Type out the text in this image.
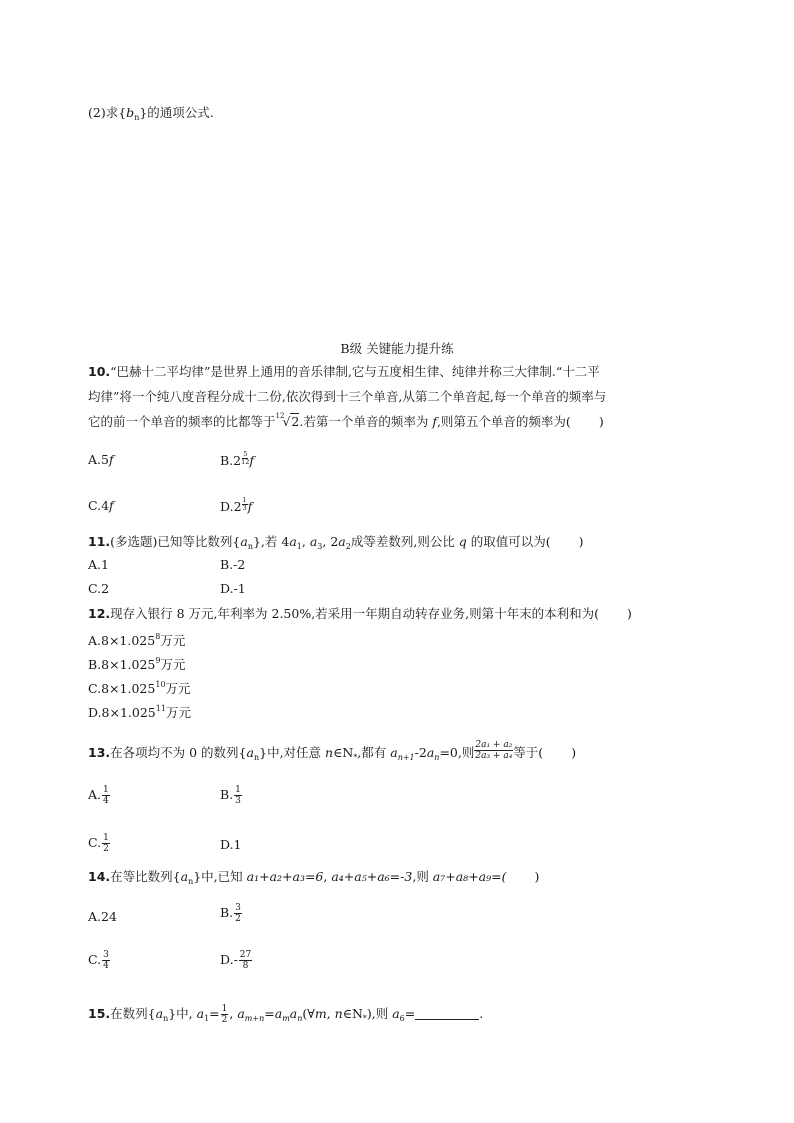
(2)求$\{b_n\}$的通项公式.
B级 关键能力提升练
10.“巴赫十二平均律”是世界上通用的音乐律制,它与五度相生律、纯律并称三大律制.“十二平
均律”将一个纯八度音程分成十二份,依次得到十三个单音,从第二个单音起,每一个单音的频率与
它的前一个单音的频率的比都等于$^{12}$√2.若第一个单音的频率为 f,则第五个单音的频率为( )
A.5f	$B.2 \frac{5}{12}$ f
C.4f	$D.2 \frac{1}{3}$ f
11.(多选题)已知等比数列$\{a_n\}$,若 $4a_1$, $a_3$, $2a_2$成等差数列,则公比 q 的取值可以为( )
A.1	B.-2
C.2	D.-1
12.现存入银行 8 万元,年利率为 2.50%,若采用一年期自动转存业务,则第十年末的本利和为( )
$A.8\times 1.025^8$万元
$B.8\times 1.025^9$万元
$C.8\times 1.025^{10}$万元
$D.8\times 1.025^{11}$万元
13.在各项均不为 0 的数列$\{a_n\}$中,对任意 $n\in N_*$,都有 $a_{n+1}-2a_n=0$,则 $\frac{\text{2a₁ + a₂}}{\text{2a₃ + a₄}}$ 等于( )
A. $\frac{1}{4}$	B. $\frac{1}{3}$
C. $\frac{1}{2}$	D.1
14.在等比数列$\{a_n\}$中,已知 a₁+a₂+a₃=6, a₄+a₅+a₆=-3,则 a₇+a₈+a₉=( )
A.24	B. $\frac{3}{2}$
C. $\frac{3}{4}$	$D.- \frac{27}{8}$
15.在数列$\{a_n\}$中, $a_1= \frac{1}{2}$ , $a_{m+n}=a_ma_n(\forall m$, $n\in N_*$),则 $a_6=$	.
